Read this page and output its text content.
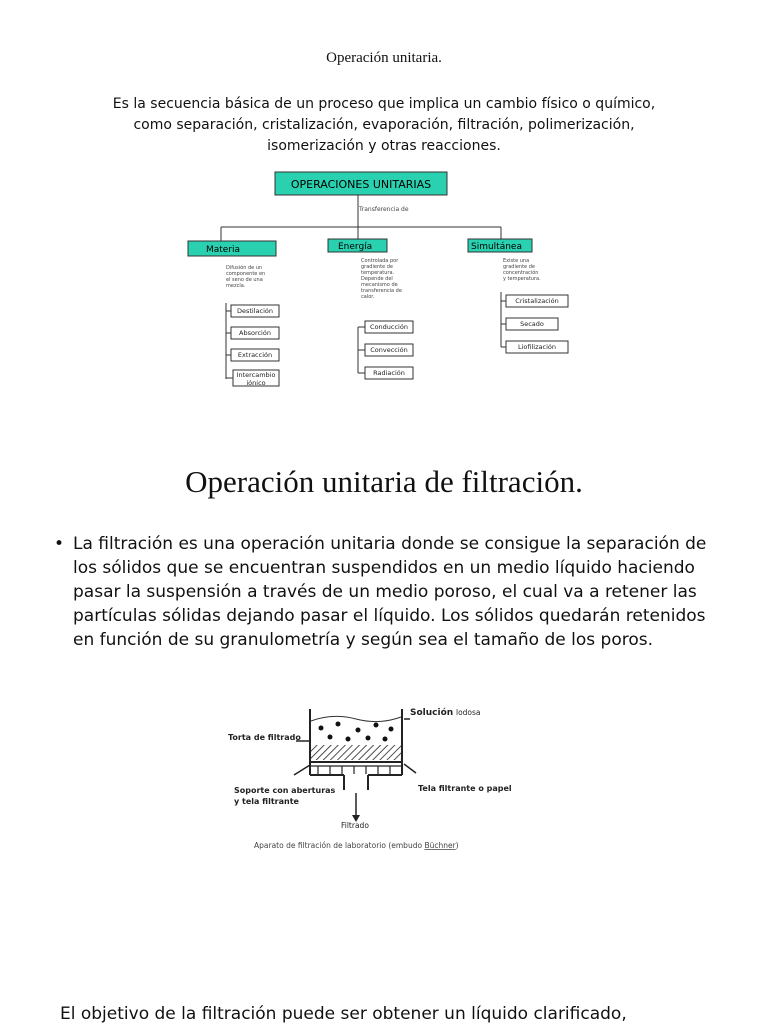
Operación unitaria.
Es la secuencia básica de un proceso que implica un cambio físico o químico, como separación, cristalización, evaporación, filtración, polimerización, isomerización y otras reacciones.
OPERACIONES UNITARIAS
Transferencia de
Materia	Energía	Simultánea
Difusión de un
componente en
el seno de una
mezcla.
Controlada por
gradiente de
temperatura.
Depende del
mecanismo de
transferencia de
calor.
Existe una
gradiente de
concentración
y temperatura.
Destilación
Absorción
Extracción
Intercambio
iónico
Conducción
Convección
Radiación
Cristalización
Secado
Liofilización
Operación unitaria de filtración.
• La filtración es una operación unitaria donde se consigue la separación de los sólidos que se encuentran suspendidos en un medio líquido haciendo pasar la suspensión a través de un medio poroso, el cual va a retener las partículas sólidas dejando pasar el líquido. Los sólidos quedarán retenidos en función de su granulometría y según sea el tamaño de los poros.
Solución lodosa
Torta de filtrado
Soporte con aberturas
y tela filtrante
Tela filtrante o papel
Filtrado
Aparato de filtración de laboratorio (embudo Büchner)
El objetivo de la filtración puede ser obtener un líquido clarificado,
